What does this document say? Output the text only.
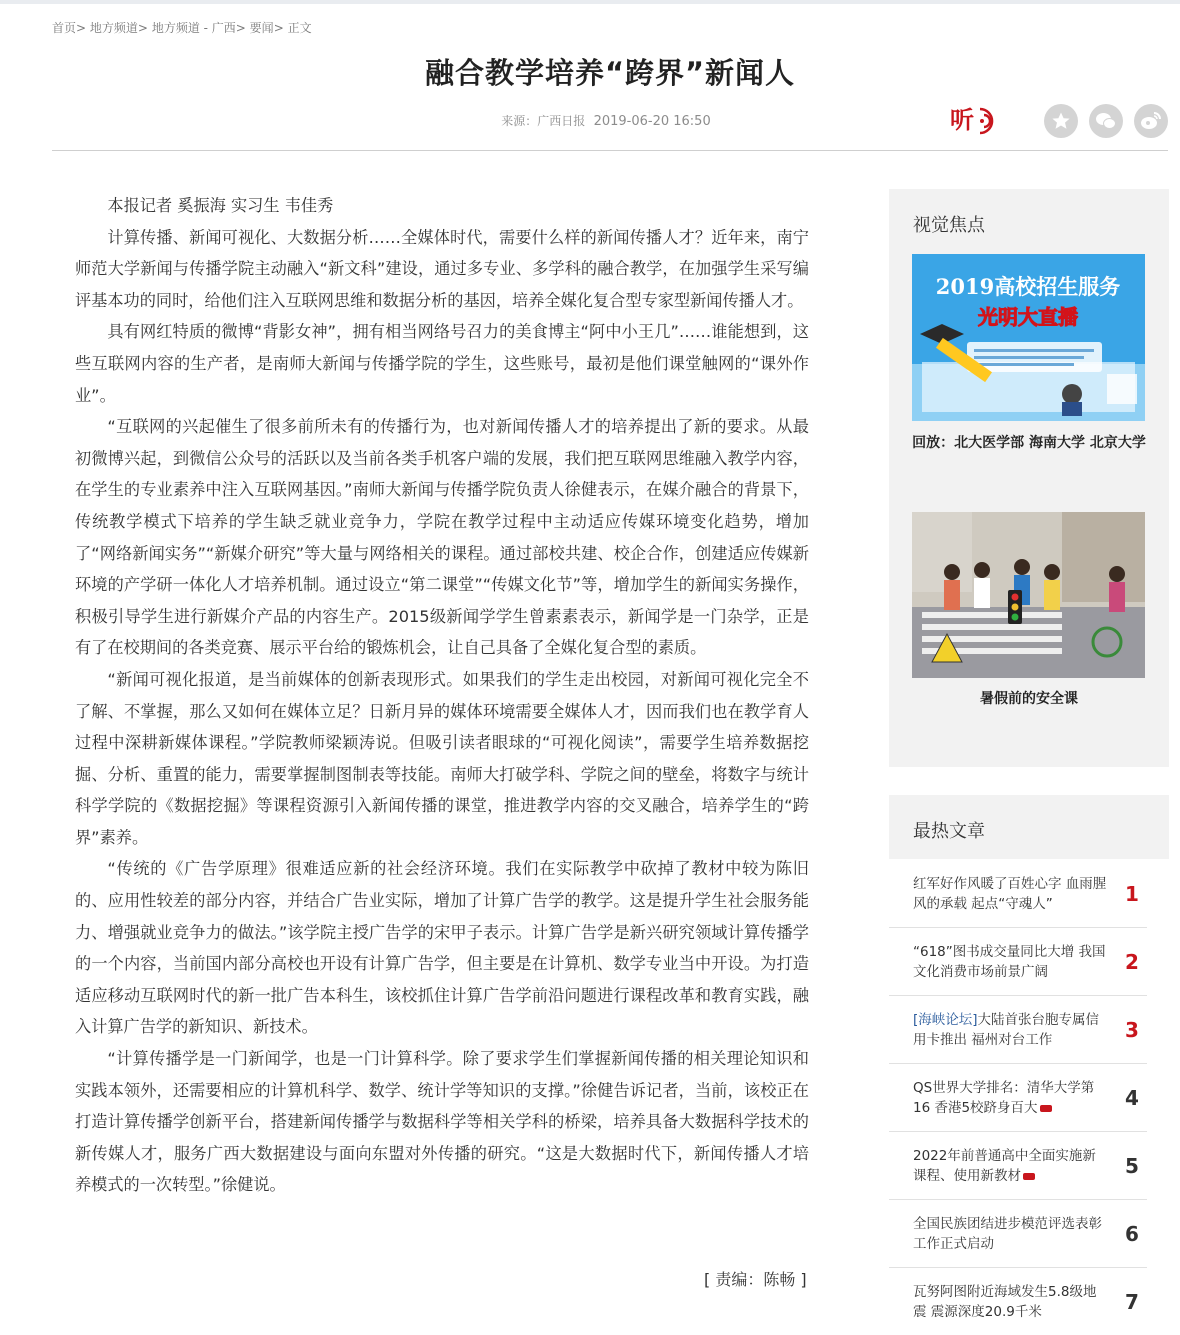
首页> 地方频道> 地方频道 - 广西> 要闻> 正文
融合教学培养“跨界”新闻人
来源：广西日报 2019-06-20 16:50	听

本报记者 奚振海 实习生 韦佳秀

计算传播、新闻可视化、大数据分析……全媒体时代，需要什么样的新闻传播人才？近年来，南宁师范大学新闻与传播学院主动融入“新文科”建设，通过多专业、多学科的融合教学，在加强学生采写编评基本功的同时，给他们注入互联网思维和数据分析的基因，培养全媒化复合型专家型新闻传播人才。

具有网红特质的微博“背影女神”，拥有相当网络号召力的美食博主“阿中小王几”……谁能想到，这些互联网内容的生产者，是南师大新闻与传播学院的学生，这些账号，最初是他们课堂触网的“课外作业”。

“互联网的兴起催生了很多前所未有的传播行为，也对新闻传播人才的培养提出了新的要求。从最初微博兴起，到微信公众号的活跃以及当前各类手机客户端的发展，我们把互联网思维融入教学内容，在学生的专业素养中注入互联网基因。”南师大新闻与传播学院负责人徐健表示，在媒介融合的背景下，传统教学模式下培养的学生缺乏就业竞争力，学院在教学过程中主动适应传媒环境变化趋势，增加了“网络新闻实务”“新媒介研究”等大量与网络相关的课程。通过部校共建、校企合作，创建适应传媒新环境的产学研一体化人才培养机制。通过设立“第二课堂”“传媒文化节”等，增加学生的新闻实务操作，积极引导学生进行新媒介产品的内容生产。2015级新闻学学生曾素素表示，新闻学是一门杂学，正是有了在校期间的各类竞赛、展示平台给的锻炼机会，让自己具备了全媒化复合型的素质。

“新闻可视化报道，是当前媒体的创新表现形式。如果我们的学生走出校园，对新闻可视化完全不了解、不掌握，那么又如何在媒体立足？日新月异的媒体环境需要全媒体人才，因而我们也在教学育人过程中深耕新媒体课程。”学院教师梁颖涛说。但吸引读者眼球的“可视化阅读”，需要学生培养数据挖掘、分析、重置的能力，需要掌握制图制表等技能。南师大打破学科、学院之间的壁垒，将数字与统计科学学院的《数据挖掘》等课程资源引入新闻传播的课堂，推进教学内容的交叉融合，培养学生的“跨界”素养。

“传统的《广告学原理》很难适应新的社会经济环境。我们在实际教学中砍掉了教材中较为陈旧的、应用性较差的部分内容，并结合广告业实际，增加了计算广告学的教学。这是提升学生社会服务能力、增强就业竞争力的做法。”该学院主授广告学的宋甲子表示。计算广告学是新兴研究领域计算传播学的一个内容，当前国内部分高校也开设有计算广告学，但主要是在计算机、数学专业当中开设。为打造适应移动互联网时代的新一批广告本科生，该校抓住计算广告学前沿问题进行课程改革和教育实践，融入计算广告学的新知识、新技术。

“计算传播学是一门新闻学，也是一门计算科学。除了要求学生们掌握新闻传播的相关理论知识和实践本领外，还需要相应的计算机科学、数学、统计学等知识的支撑。”徐健告诉记者，当前，该校正在打造计算传播学创新平台，搭建新闻传播学与数据科学等相关学科的桥梁，培养具备大数据科学技术的新传媒人才，服务广西大数据建设与面向东盟对外传播的研究。“这是大数据时代下，新闻传播人才培养模式的一次转型。”徐健说。

[ 责编：陈畅 ]
视觉焦点
2019高校招生服务
光明大直播
回放：北大医学部 海南大学 北京大学
暑假前的安全课
最热文章
红军好作风暖了百姓心字 血雨腥风的承载 起点“守魂人”	1
“618”图书成交量同比大增 我国文化消费市场前景广阔	2
[海峡论坛]大陆首张台胞专属信用卡推出 福州对台工作	3
QS世界大学排名：清华大学第16 香港5校跻身百大	4
2022年前普通高中全面实施新课程、使用新教材	5
全国民族团结进步模范评选表彰工作正式启动	6
瓦努阿图附近海域发生5.8级地震 震源深度20.9千米	7
